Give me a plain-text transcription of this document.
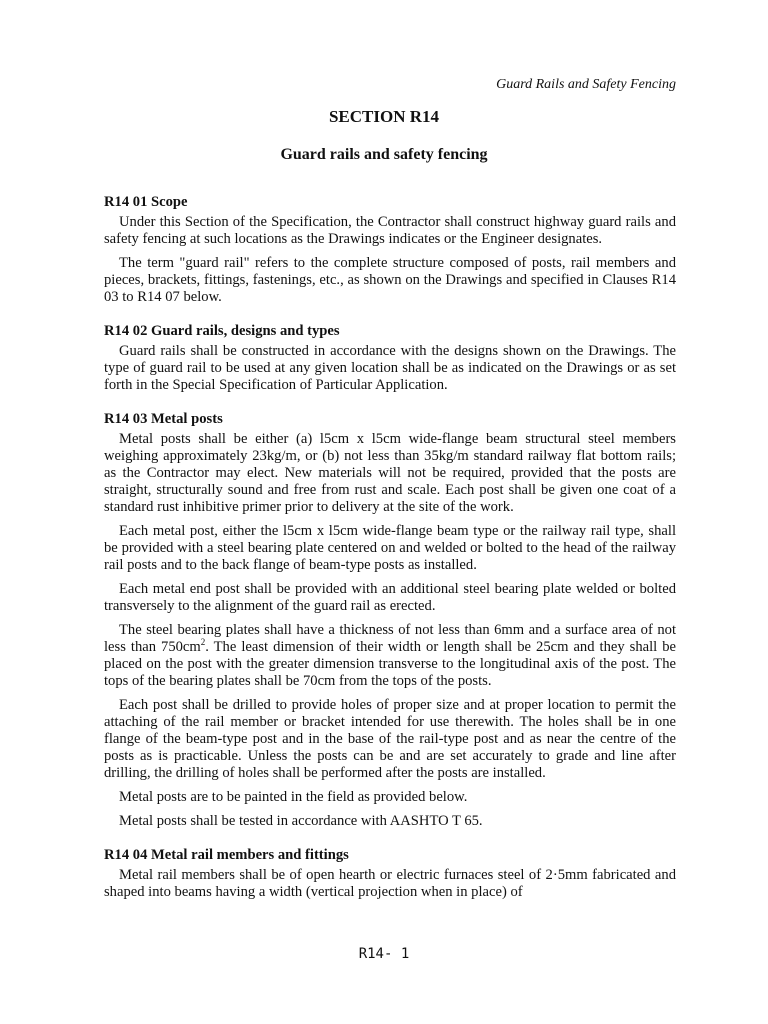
Guard Rails and Safety Fencing
SECTION R14
Guard rails and safety fencing
R14 01 Scope

Under this Section of the Specification, the Contractor shall construct highway guard rails and safety fencing at such locations as the Drawings indicates or the Engineer designates.

The term "guard rail" refers to the complete structure composed of posts, rail members and pieces, brackets, fittings, fastenings, etc., as shown on the Drawings and specified in Clauses R14 03 to R14 07 below.

R14 02 Guard rails, designs and types

Guard rails shall be constructed in accordance with the designs shown on the Drawings. The type of guard rail to be used at any given location shall be as indicated on the Drawings or as set forth in the Special Specification of Particular Application.

R14 03 Metal posts

Metal posts shall be either (a) l5cm x l5cm wide-flange beam structural steel members weighing approximately 23kg/m, or (b) not less than 35kg/m standard railway flat bottom rails; as the Contractor may elect. New materials will not be required, provided that the posts are straight, structurally sound and free from rust and scale. Each post shall be given one coat of a standard rust inhibitive primer prior to delivery at the site of the work.

Each metal post, either the l5cm x l5cm wide-flange beam type or the railway rail type, shall be provided with a steel bearing plate centered on and welded or bolted to the head of the railway rail posts and to the back flange of beam-type posts as installed.

Each metal end post shall be provided with an additional steel bearing plate welded or bolted transversely to the alignment of the guard rail as erected.

The steel bearing plates shall have a thickness of not less than 6mm and a surface area of not less than $750cm^2$. The least dimension of their width or length shall be 25cm and they shall be placed on the post with the greater dimension transverse to the longitudinal axis of the post. The tops of the bearing plates shall be 70cm from the tops of the posts.

Each post shall be drilled to provide holes of proper size and at proper location to permit the attaching of the rail member or bracket intended for use therewith. The holes shall be in one flange of the beam-type post and in the base of the rail-type post and as near the centre of the posts as is practicable. Unless the posts can be and are set accurately to grade and line after drilling, the drilling of holes shall be performed after the posts are installed.

Metal posts are to be painted in the field as provided below.

Metal posts shall be tested in accordance with AASHTO T 65.

R14 04 Metal rail members and fittings

Metal rail members shall be of open hearth or electric furnaces steel of 2·5mm fabricated and shaped into beams having a width (vertical projection when in place) of

R14- 1
